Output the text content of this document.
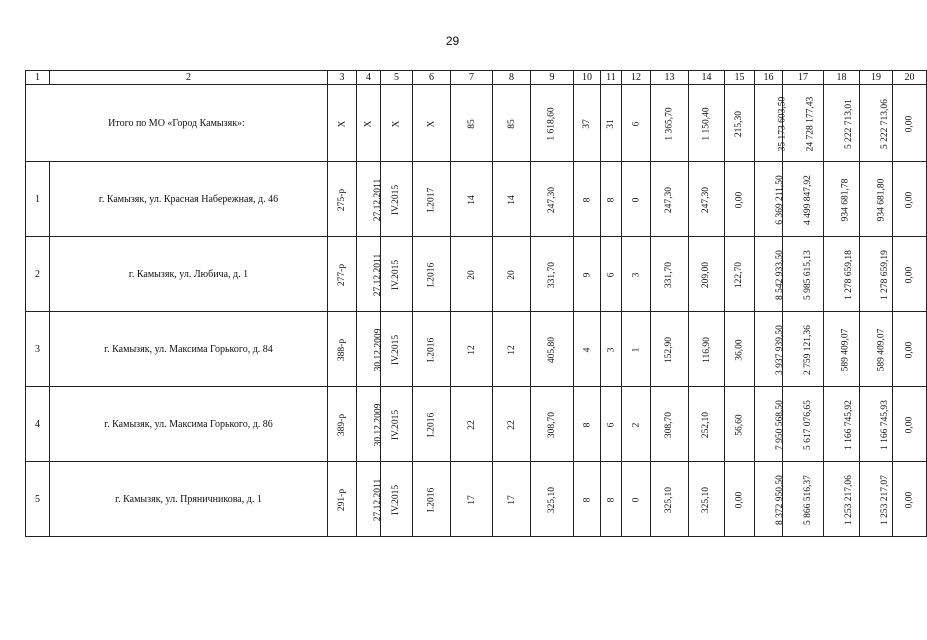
29
1	2	3	4	5	6	7	8	9	10	11	12	13	14	15	16	17	18	19	20
Итого по МО «Город Камызяк»:		Х	Х	Х	Х	85	85	1 618,60	37	31	6	1 365,70	1 150,40	215,30	35 173 603,50	24 728 177,43	5 222 713,01	5 222 713,06	0,00
1	г. Камызяк, ул. Красная Набережная, д. 46	275-р	27.12.2011	IV.2015	I.2017	14	14	247,30	8	8	0	247,30	247,30	0,00	6 369 211,50	4 499 847,92	934 681,78	934 681,80	0,00
2	г. Камызяк, ул. Любича, д. 1	277-р	27.12.2011	IV.2015	I.2016	20	20	331,70	9	6	3	331,70	209,00	122,70	8 542 933,50	5 985 615,13	1 278 659,18	1 278 659,19	0,00
3	г. Камызяк, ул. Максима Горького, д. 84	388-р	30.12.2009	IV.2015	I.2016	12	12	405,80	4	3	1	152,90	116,90	36,00	3 937 939,50	2 759 121,36	589 409,07	589 409,07	0,00
4	г. Камызяк, ул. Максима Горького, д. 86	389-р	30.12.2009	IV.2015	I.2016	22	22	308,70	8	6	2	308,70	252,10	56,60	7 950 568,50	5 617 076,65	1 166 745,92	1 166 745,93	0,00
5	г. Камызяк, ул. Пряничникова, д. 1	291-р	27.12.2011	IV.2015	I.2016	17	17	325,10	8	8	0	325,10	325,10	0,00	8 372 950,50	5 866 516,37	1 253 217,06	1 253 217,07	0,00
